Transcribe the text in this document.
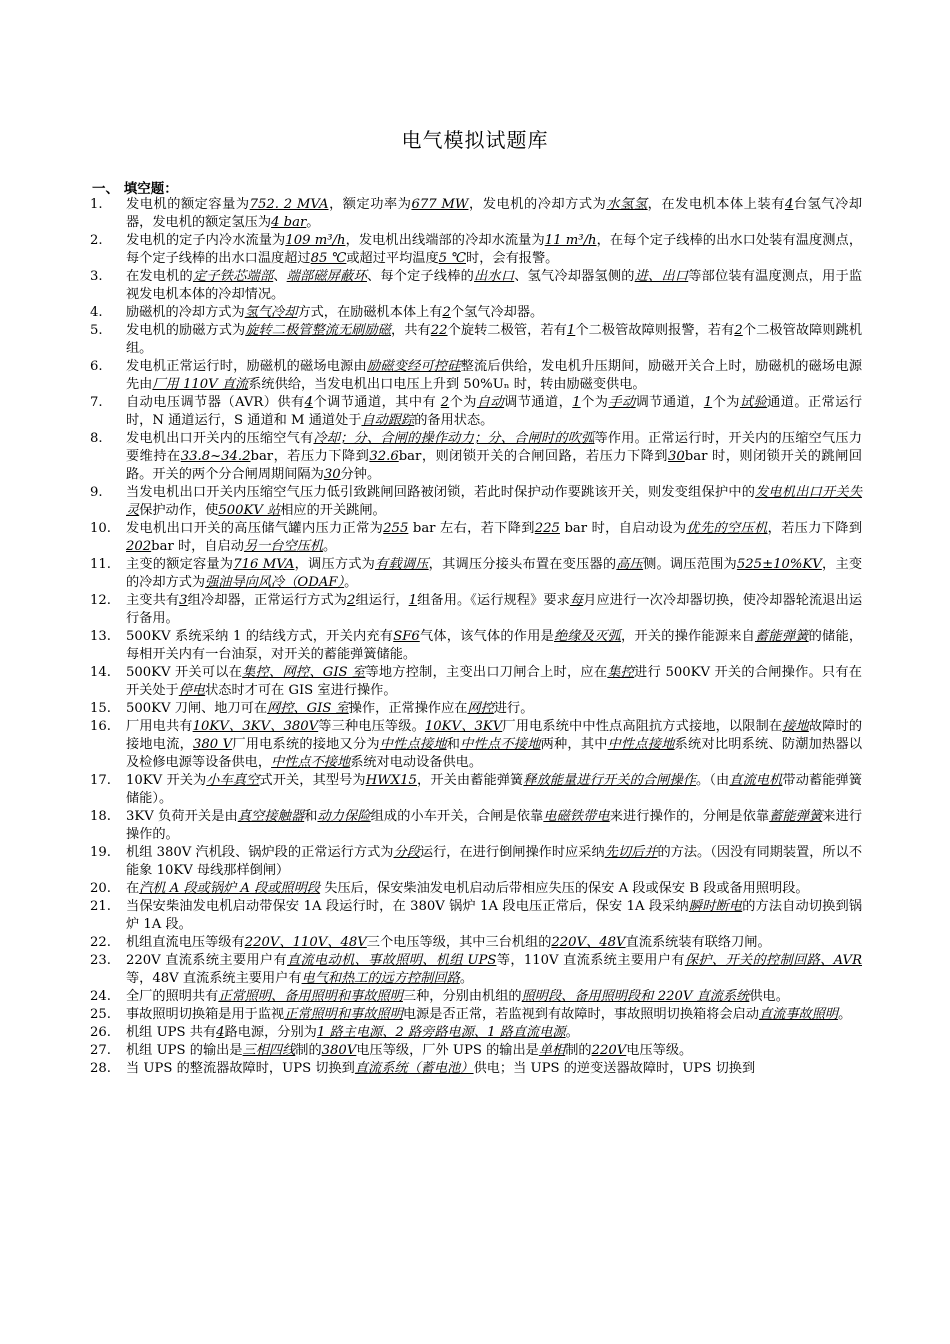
电气模拟试题库
一、 填空题：
1.	发电机的额定容量为752. 2 MVA，额定功率为677 MW，发电机的冷却方式为水氢氢，在发电机本体上装有4台氢气冷却器，发电机的额定氢压为4 bar。
2.	发电机的定子内冷水流量为109 m³/h，发电机出线端部的冷却水流量为11 m³/h，在每个定子线棒的出水口处装有温度测点，每个定子线棒的出水口温度超过85 ℃或超过平均温度5 ℃时，会有报警。
3.	在发电机的定子铁芯端部、端部磁屏蔽环、每个定子线棒的出水口、氢气冷却器氢侧的进、出口等部位装有温度测点，用于监视发电机本体的冷却情况。
4.	励磁机的冷却方式为氢气冷却方式，在励磁机本体上有2个氢气冷却器。
5.	发电机的励磁方式为旋转二极管整流无刷励磁，共有22个旋转二极管，若有1个二极管故障则报警，若有2个二极管故障则跳机组。
6.	发电机正常运行时，励磁机的磁场电源由励磁变经可控硅整流后供给，发电机升压期间，励磁开关合上时，励磁机的磁场电源先由厂用 110V 直流系统供给，当发电机出口电压上升到 50%Uₙ 时，转由励磁变供电。
7.	自动电压调节器（AVR）供有4个调节通道，其中有 2个为自动调节通道，1个为手动调节通道，1个为试验通道。正常运行时，N 通道运行，S 通道和 M 通道处于自动跟踪的备用状态。
8.	发电机出口开关内的压缩空气有冷却；分、合闸的操作动力；分、合闸时的吹弧等作用。正常运行时，开关内的压缩空气压力要维持在33.8~34.2bar，若压力下降到32.6bar，则闭锁开关的合闸回路，若压力下降到30bar 时，则闭锁开关的跳闸回路。开关的两个分合闸周期间隔为30分钟。
9.	当发电机出口开关内压缩空气压力低引致跳闸回路被闭锁，若此时保护动作要跳该开关，则发变组保护中的发电机出口开关失灵保护动作，使500KV 站相应的开关跳闸。
10.	发电机出口开关的高压储气罐内压力正常为255 bar 左右，若下降到225 bar 时，自启动设为优先的空压机，若压力下降到202bar 时，自启动另一台空压机。
11.	主变的额定容量为716 MVA，调压方式为有载调压，其调压分接头布置在变压器的高压侧。调压范围为525±10%KV，主变的冷却方式为强油导向风冷（ODAF）。
12.	主变共有3组冷却器，正常运行方式为2组运行，1组备用。《运行规程》要求每月应进行一次冷却器切换，使冷却器轮流退出运行备用。
13.	500KV 系统采纳 1 的结线方式，开关内充有SF6气体，该气体的作用是绝缘及灭弧，开关的操作能源来自蓄能弹簧的储能，每相开关内有一台油泵，对开关的蓄能弹簧储能。
14.	500KV 开关可以在集控、网控、GIS 室等地方控制，主变出口刀闸合上时，应在集控进行 500KV 开关的合闸操作。只有在开关处于停电状态时才可在 GIS 室进行操作。
15.	500KV 刀闸、地刀可在网控、GIS 室操作，正常操作应在网控进行。
16.	厂用电共有10KV、3KV、380V等三种电压等级。10KV、3KV厂用电系统中中性点高阻抗方式接地，以限制在接地故障时的接地电流，380 V厂用电系统的接地又分为中性点接地和中性点不接地两种，其中中性点接地系统对比明系统、防潮加热器以及检修电源等设备供电，中性点不接地系统对电动设备供电。
17.	10KV 开关为小车真空式开关，其型号为HWX15，开关由蓄能弹簧释放能量进行开关的合闸操作。（由直流电机带动蓄能弹簧储能）。
18.	3KV 负荷开关是由真空接触器和动力保险组成的小车开关，合闸是依靠电磁铁带电来进行操作的，分闸是依靠蓄能弹簧来进行操作的。
19.	机组 380V 汽机段、锅炉段的正常运行方式为分段运行，在进行倒闸操作时应采纳先切后并的方法。（因没有同期装置，所以不能象 10KV 母线那样倒闸）
20.	在汽机 A 段或锅炉 A 段或照明段 失压后，保安柴油发电机启动后带相应失压的保安 A 段或保安 B 段或备用照明段。
21.	当保安柴油发电机启动带保安 1A 段运行时，在 380V 锅炉 1A 段电压正常后，保安 1A 段采纳瞬时断电的方法自动切换到锅炉 1A 段。
22.	机组直流电压等级有220V、110V、48V三个电压等级，其中三台机组的220V、48V直流系统装有联络刀闸。
23.	220V 直流系统主要用户有直流电动机、事故照明、机组 UPS等，110V 直流系统主要用户有保护、开关的控制回路、AVR等，48V 直流系统主要用户有电气和热工的远方控制回路。
24.	全厂的照明共有正常照明、备用照明和事故照明三种，分别由机组的照明段、备用照明段和 220V 直流系统供电。
25.	事故照明切换箱是用于监视正常照明和事故照明电源是否正常，若监视到有故障时，事故照明切换箱将会启动直流事故照明。
26.	机组 UPS 共有4路电源，分别为1 路主电源、2 路旁路电源、1 路直流电源。
27.	机组 UPS 的输出是三相四线制的380V电压等级，厂外 UPS 的输出是单相制的220V电压等级。
28.	当 UPS 的整流器故障时，UPS 切换到直流系统（蓄电池）供电；当 UPS 的逆变送器故障时，UPS 切换到
